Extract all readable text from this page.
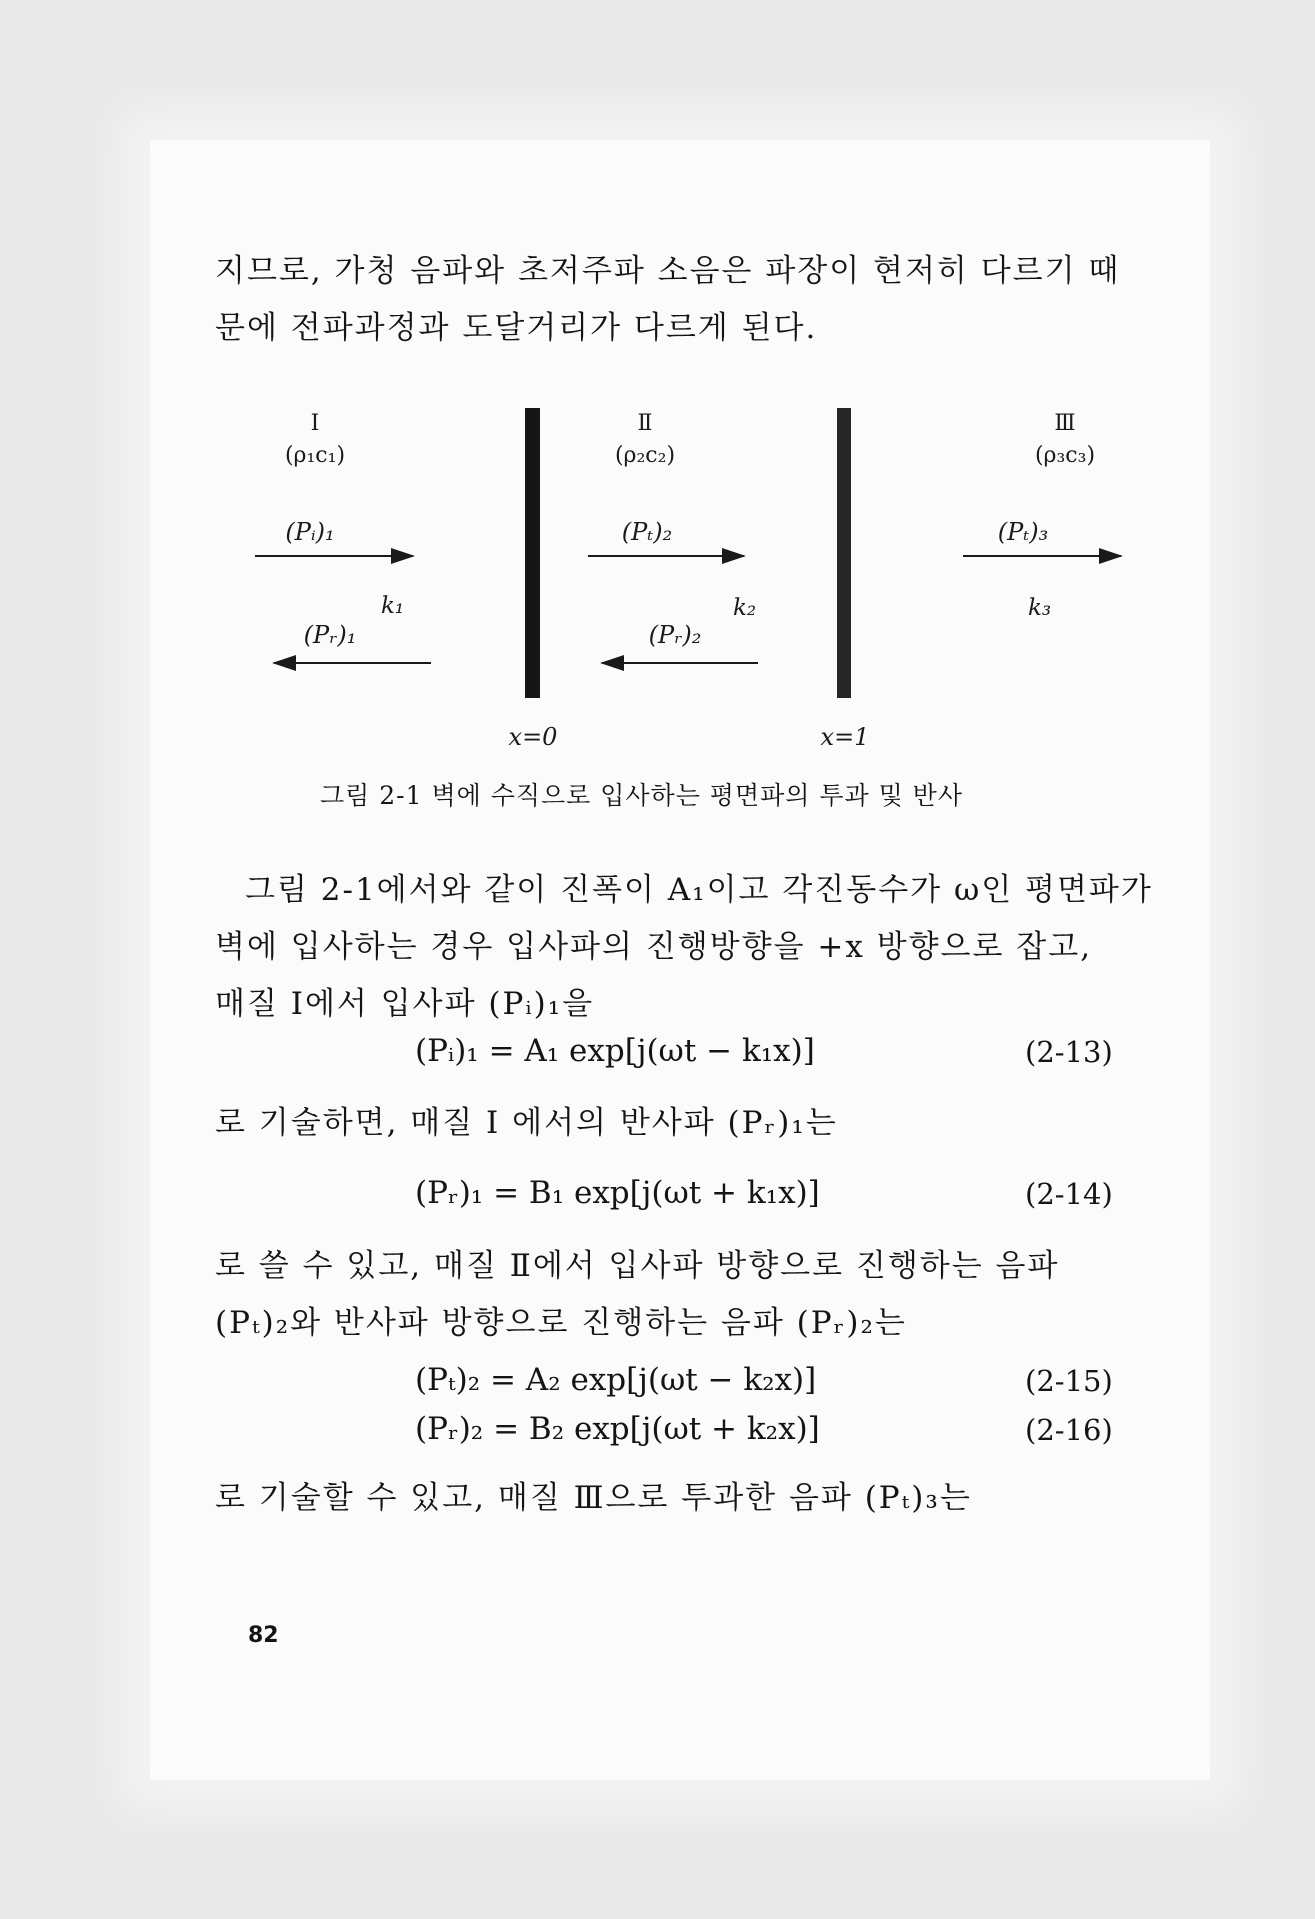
지므로, 가청 음파와 초저주파 소음은 파장이 현저히 다르기 때
문에 전파과정과 도달거리가 다르게 된다.
I	Ⅱ	Ⅲ
(ρ₁c₁)	(ρ₂c₂)	(ρ₃c₃)
(Pᵢ)₁	(Pₜ)₂	(Pₜ)₃
k₁	k₂	k₃
(Pᵣ)₁	(Pᵣ)₂
x=0	x=1
그림 2-1 벽에 수직으로 입사하는 평면파의 투과 및 반사
그림 2-1에서와 같이 진폭이 A₁이고 각진동수가 ω인 평면파가
벽에 입사하는 경우 입사파의 진행방향을 +x 방향으로 잡고,
매질 I에서 입사파 (Pᵢ)₁을
(Pᵢ)₁ = A₁ exp[j(ωt − k₁x)]	(2-13)
로 기술하면, 매질 I 에서의 반사파 (Pᵣ)₁는
(Pᵣ)₁ = B₁ exp[j(ωt + k₁x)]	(2-14)
로 쓸 수 있고, 매질 Ⅱ에서 입사파 방향으로 진행하는 음파
(Pₜ)₂와 반사파 방향으로 진행하는 음파 (Pᵣ)₂는
(Pₜ)₂ = A₂ exp[j(ωt − k₂x)]	(2-15)
(Pᵣ)₂ = B₂ exp[j(ωt + k₂x)]	(2-16)
로 기술할 수 있고, 매질 Ⅲ으로 투과한 음파 (Pₜ)₃는
82
